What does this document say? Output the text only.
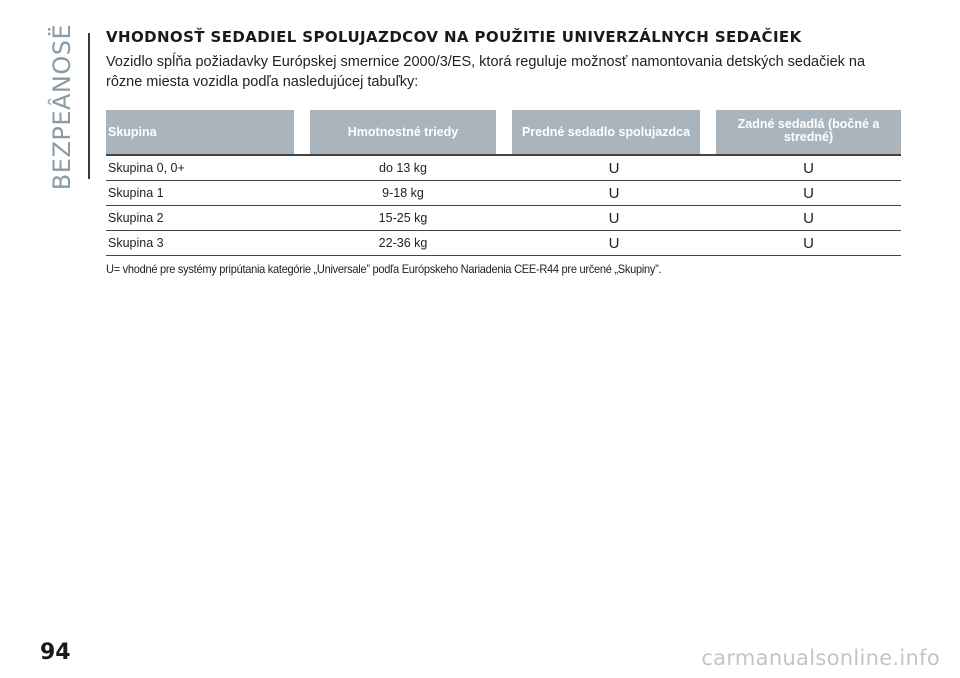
BEZPEÂNOSË VHODNOSŤ SEDADIEL SPOLUJAZDCOV NA POUŽITIE UNIVERZÁLNYCH SEDAČIEK

Vozidlo spĺňa požiadavky Európskej smernice 2000/3/ES, ktorá reguluje možnosť namontovania detských sedačiek na rôzne miesta vozidla podľa nasledujúcej tabuľky:

Skupina		Hmotnostné triedy		Predné sedadlo spolujazdca		Zadné sedadlá (bočné a stredné)
Skupina 0, 0+	do 13 kg			U		U
Skupina 1	9-18 kg			U		U
Skupina 2	15-25 kg			U		U
Skupina 3	22-36 kg			U		U

U= vhodné pre systémy pripútania kategórie „Universale” podľa Európskeho Nariadenia CEE-R44 pre určené „Skupiny”.

94	carmanualsonline.info
